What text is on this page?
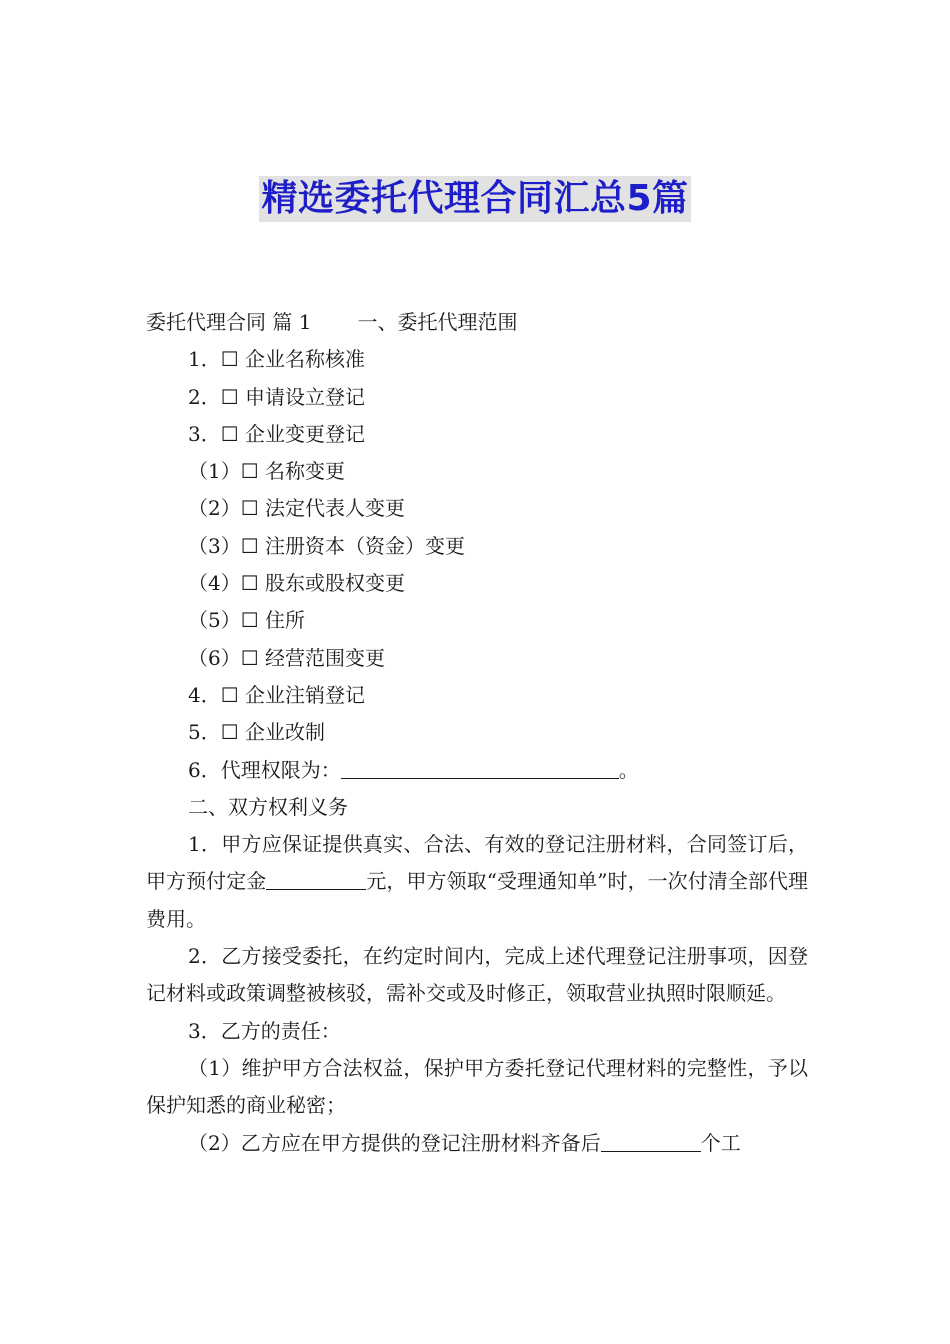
精选委托代理合同汇总5篇
委托代理合同 篇 1 一、委托代理范围
1．☐ 企业名称核准
2．☐ 申请设立登记
3．☐ 企业变更登记
（1）☐ 名称变更
（2）☐ 法定代表人变更
（3）☐ 注册资本（资金）变更
（4）☐ 股东或股权变更
（5）☐ 住所
（6）☐ 经营范围变更
4．☐ 企业注销登记
5．☐ 企业改制
6．代理权限为：	。
二、双方权利义务
1．甲方应保证提供真实、合法、有效的登记注册材料，合同签订后，甲方预付定金	元，甲方领取“受理通知单”时，一次付清全部代理费用。
2．乙方接受委托，在约定时间内，完成上述代理登记注册事项，因登记材料或政策调整被核驳，需补交或及时修正，领取营业执照时限顺延。
3．乙方的责任：
（1）维护甲方合法权益，保护甲方委托登记代理材料的完整性，予以保护知悉的商业秘密；
（2）乙方应在甲方提供的登记注册材料齐备后	个工
